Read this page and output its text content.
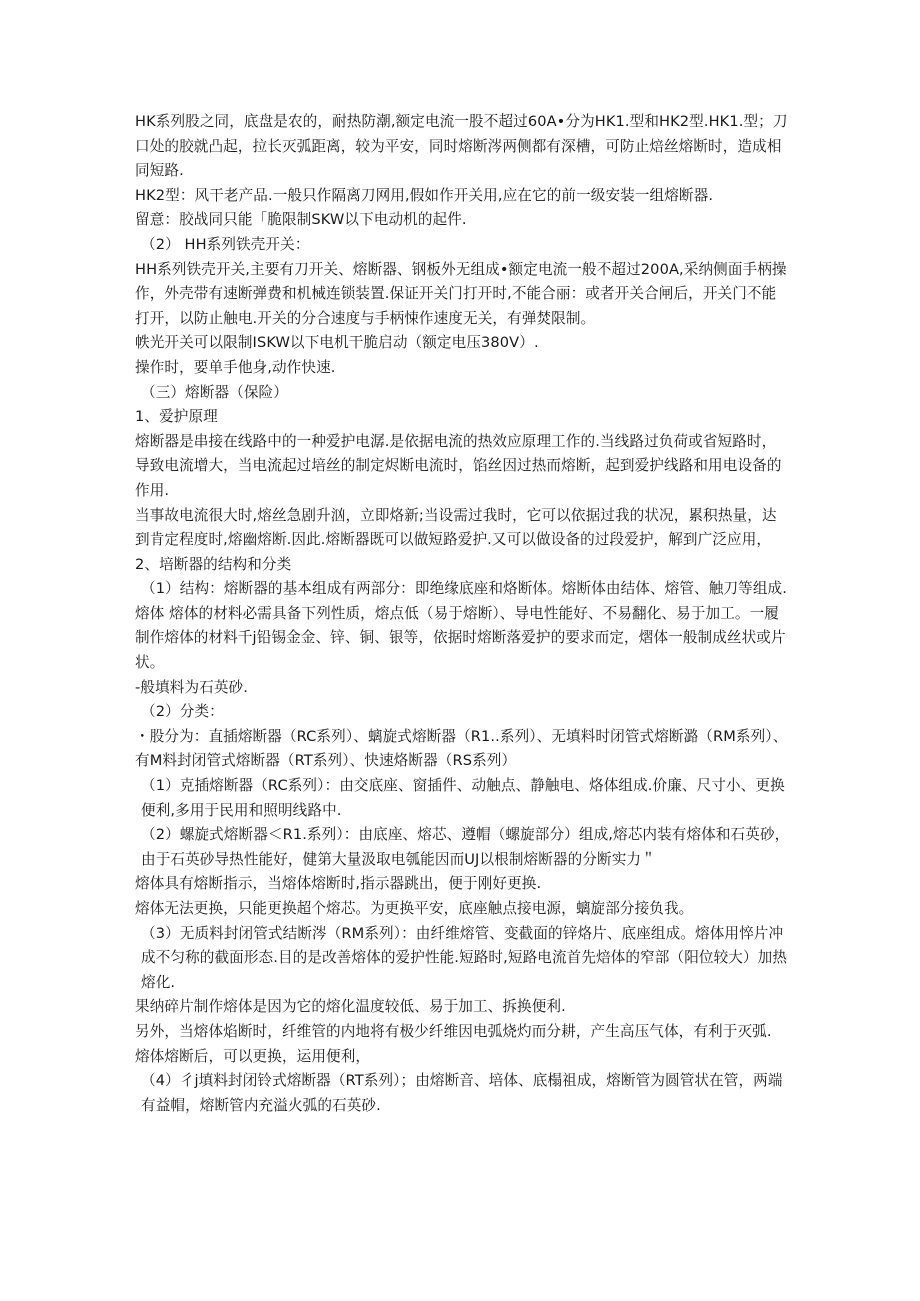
HK系列股之同，底盘是农的，耐热防潮,额定电流一股不超过60A•分为HK1.型和HK2型.HK1.型；刀口处的胶就凸起，拉长灭弧距离，较为平安，同时熔断涔两侧都有深槽，可防止焙丝熔断时，造成相同短路.

HK2型：风干老产品.一般只作隔离刀网用,假如作开关用,应在它的前一级安装一组熔断器.

留意：胶战同只能「脆限制SKW以下电动机的起件.

（2） HH系列铁壳开关：

HH系列铁壳开关,主要有刀开关、熔断器、钢板外无组成•额定电流一般不超过200A,采纳侧面手柄操作，外壳带有速断弹费和机械连锁装置.保证开关门打开时,不能合丽：或者开关合闸后，开关门不能打开，以防止触电.开关的分合速度与手柄悚作速度无关，有弹焚限制。

帙光开关可以限制ISKW以下电机干脆启动（额定电压380V）.

操作时，要单手他身,动作快速.

（三）熔断器（保险）

1、爱护原理

熔断器是串接在线路中的一种爱护电潺.是依据电流的热效应原理工作的.当线路过负荷或省短路时，导致电流增大，当电流起过培丝的制定烬断电流时，馅丝因过热而熔断，起到爱护线路和用电设备的作用.

当事故电流很大时,熔丝急剧升汹，立即烙新;当设需过我时，它可以依据过我的状况，累积热量，达到肯定程度时,熔幽熔断.因此.熔断器既可以做短路爱护.又可以做设备的过段爱护，解到广泛应用，

2、培断器的结构和分类

（1）结构：熔断器的基本组成有两部分：即绝缘底座和烙断体。熔断体由结体、熔管、触刀等组成.

熔体 熔体的材料必需具备下列性质，熔点低（易于熔断）、导电性能好、不易翻化、易于加工。一履制作熔体的材料千j铅锡金金、锌、铜、银等，依据时熔断落爱护的要求而定，熠体一般制成丝状或片状。

-般填料为石英砂.

（2）分类：

・股分为：直插熔断器（RC系列）、螭旋式熔断器（R1..系列）、无填料时闭管式熔断潞（RM系列）、有M料封闭管式熔断器（RT系列）、快速烙断器（RS系列）

（1）克插熔断器（RC系列）：由交底座、窗插件、动触点、静触电、烙体组成.价廉、尺寸小、更换便利,多用于民用和照明线路中.

（2）螺旋式熔断器＜R1.系列）：由底座、熔芯、遵帽（螺旋部分）组成,熔芯内装有熔体和石英砂，由于石英砂导热性能好，健第大量汲取电瓠能因而UJ以根制熔断器的分断实力＂

熔体具有熔断指示，当熔体熔断时,指示器跳出，便于刚好更换.

熔体无法更换，只能更换超个熔芯。为更换平安，底座触点接电源，螭旋部分接负我。

（3）无质料封闭管式结断涔（RM系列）：由纤维熔管、变截面的锌烙片、底座组成。熔体用悴片冲成不匀称的截面形态.目的是改善熔体的爱护性能.短路时,短路电流首先焙体的窄部（阳位较大）加热熔化.

果纳碎片制作熔体是因为它的熔化温度较低、易于加工、拆换便利.

另外，当熔体焰断时，纤维管的内地将有极少纤维因电弧烧灼而分耕，产生高压气体，有利于灭弧.

熔体熔断后，可以更换，运用便利，

（4）彳j填料封闭铃式熔断器（RT系列）；由熔断音、培体、底榻祖成，熔断管为圆管状在管，两端有益帽，熔断管内充溢火弧的石英砂.
